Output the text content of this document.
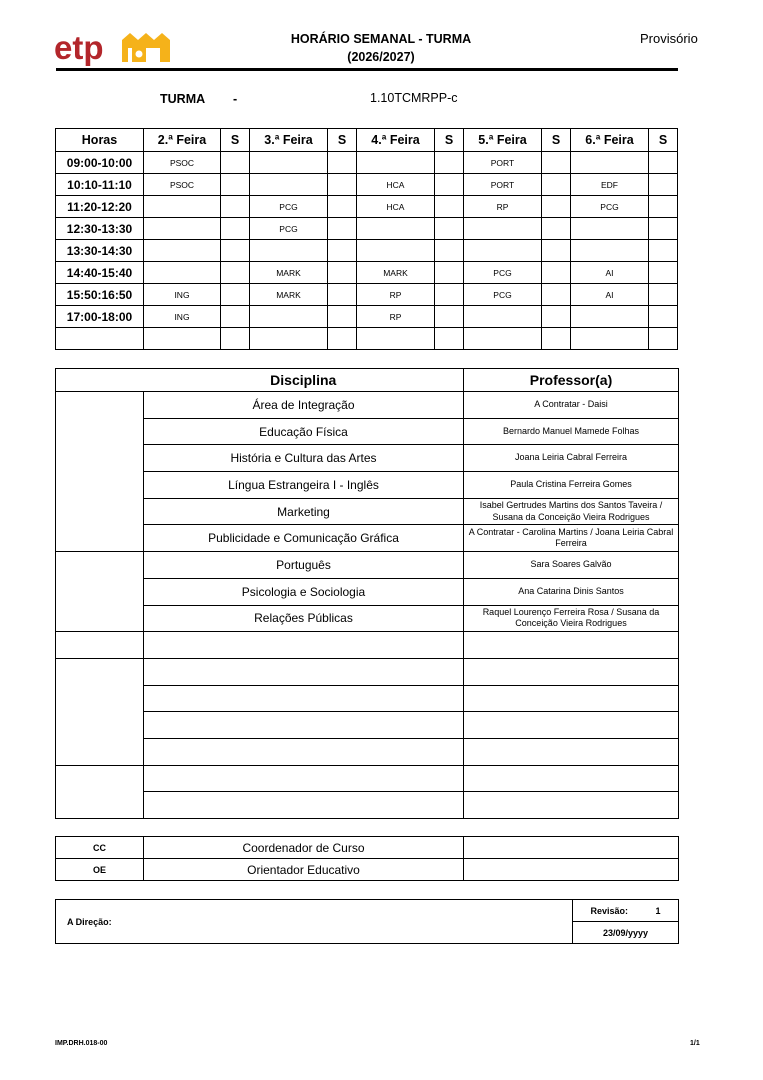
etp	HORÁRIO SEMANAL - TURMA
(2026/2027)
Provisório
TURMA -	1.10TCMRPP-c
Horas	2.ª Feira	S	3.ª Feira	S	4.ª Feira	S	5.ª Feira	S	6.ª Feira	S
09:00-10:00	PSOC						PORT			
10:10-11:10	PSOC				HCA		PORT		EDF	
11:20-12:20			PCG		HCA		RP		PCG	
12:30-13:30			PCG							
13:30-14:30										
14:40-15:40			MARK		MARK		PCG		AI	
15:50:16:50	ING		MARK		RP		PCG		AI	
17:00-18:00	ING				RP					

	Disciplina	Professor(a)
	Área de Integração	A Contratar - Daisi
	Educação Física	Bernardo Manuel Mamede Folhas
	História e Cultura das Artes	Joana Leiria Cabral Ferreira
	Língua Estrangeira I - Inglês	Paula Cristina Ferreira Gomes
	Marketing	Isabel Gertrudes Martins dos Santos Taveira / Susana da Conceição Vieira Rodrigues
	Publicidade e Comunicação Gráfica	A Contratar - Carolina Martins / Joana Leiria Cabral Ferreira
	Português	Sara Soares Galvão
	Psicologia e Sociologia	Ana Catarina Dinis Santos
	Relações Públicas	Raquel Lourenço Ferreira Rosa / Susana da Conceição Vieira Rodrigues

CC	Coordenador de Curso	
OE	Orientador Educativo	
A Direção:	Revisão:	1
23/09/yyyy
IMP.DRH.018-00	1/1
